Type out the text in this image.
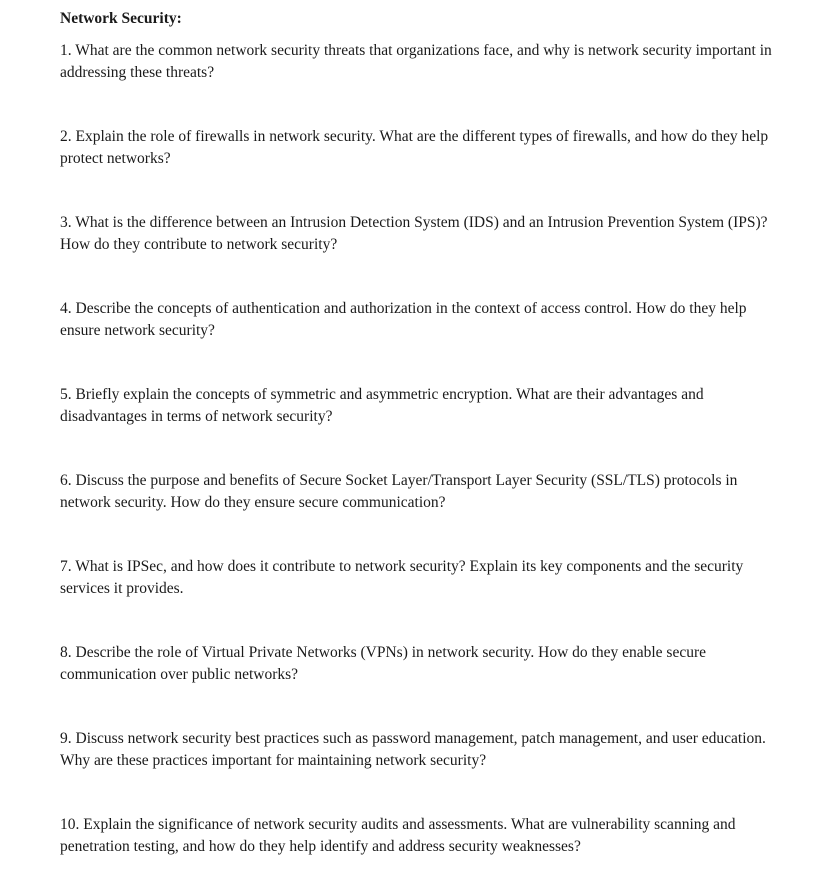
Network Security:

1. What are the common network security threats that organizations face, and why is network security important in addressing these threats?

2. Explain the role of firewalls in network security. What are the different types of firewalls, and how do they help protect networks?

3. What is the difference between an Intrusion Detection System (IDS) and an Intrusion Prevention System (IPS)? How do they contribute to network security?

4. Describe the concepts of authentication and authorization in the context of access control. How do they help ensure network security?

5. Briefly explain the concepts of symmetric and asymmetric encryption. What are their advantages and disadvantages in terms of network security?

6. Discuss the purpose and benefits of Secure Socket Layer/Transport Layer Security (SSL/TLS) protocols in network security. How do they ensure secure communication?

7. What is IPSec, and how does it contribute to network security? Explain its key components and the security services it provides.

8. Describe the role of Virtual Private Networks (VPNs) in network security. How do they enable secure communication over public networks?

9. Discuss network security best practices such as password management, patch management, and user education. Why are these practices important for maintaining network security?

10. Explain the significance of network security audits and assessments. What are vulnerability scanning and penetration testing, and how do they help identify and address security weaknesses?
